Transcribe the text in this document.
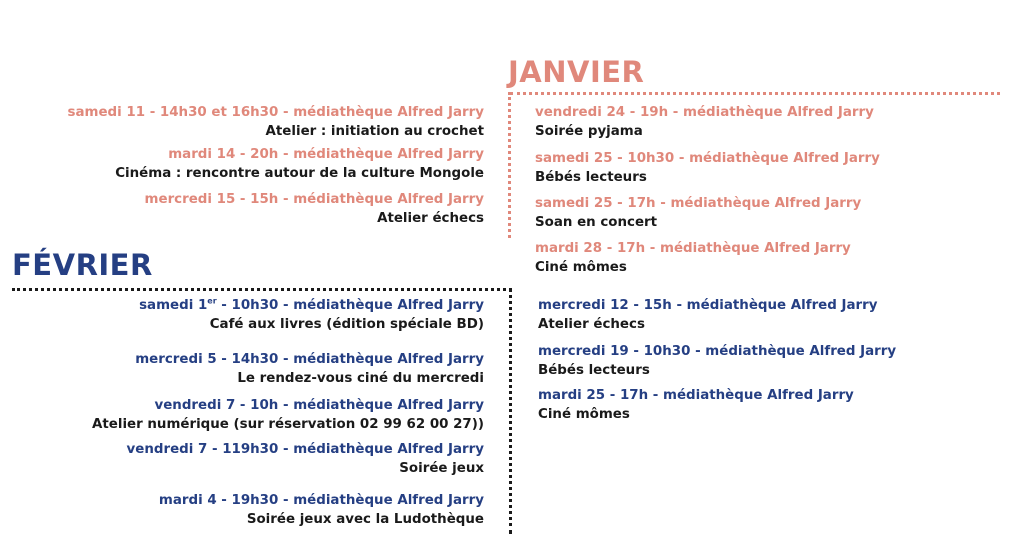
JANVIER
samedi 11 - 14h30 et 16h30 - médiathèque Alfred Jarry
Atelier : initiation au crochet
mardi 14 - 20h - médiathèque Alfred Jarry
Cinéma : rencontre autour de la culture Mongole
mercredi 15 - 15h - médiathèque Alfred Jarry
Atelier échecs
vendredi 24 - 19h - médiathèque Alfred Jarry
Soirée pyjama
samedi 25 - 10h30 - médiathèque Alfred Jarry
Bébés lecteurs
samedi 25 - 17h - médiathèque Alfred Jarry
Soan en concert
mardi 28 - 17h - médiathèque Alfred Jarry
Ciné mômes
FÉVRIER
samedi 1er - 10h30 - médiathèque Alfred Jarry
Café aux livres (édition spéciale BD)
mercredi 5 - 14h30 - médiathèque Alfred Jarry
Le rendez-vous ciné du mercredi
vendredi 7 - 10h - médiathèque Alfred Jarry
Atelier numérique (sur réservation 02 99 62 00 27))
vendredi 7 - 119h30 - médiathèque Alfred Jarry
Soirée jeux
mardi 4 - 19h30 - médiathèque Alfred Jarry
Soirée jeux avec la Ludothèque
mercredi 12 - 15h - médiathèque Alfred Jarry
Atelier échecs
mercredi 19 - 10h30 - médiathèque Alfred Jarry
Bébés lecteurs
mardi 25 - 17h - médiathèque Alfred Jarry
Ciné mômes
